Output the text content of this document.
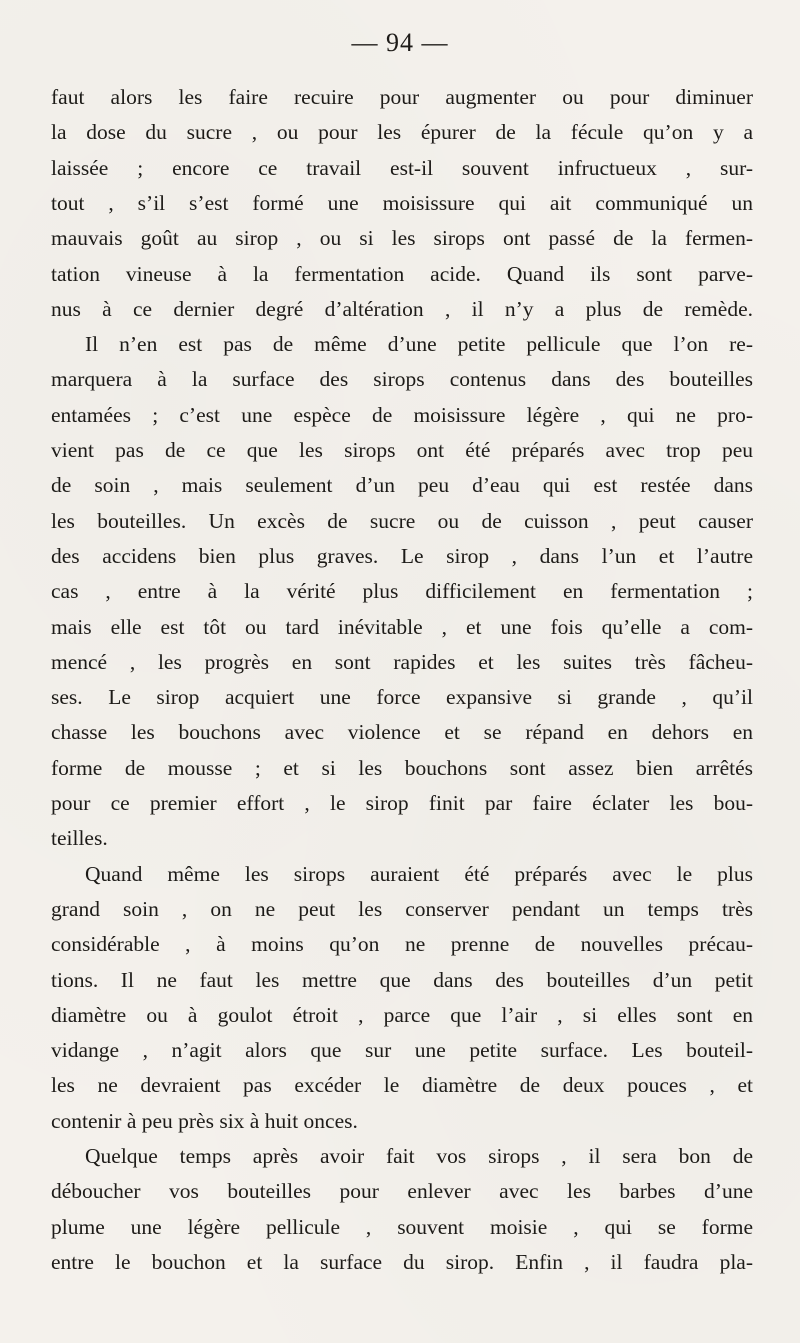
— 94 —
faut alors les faire recuire pour augmenter ou pour diminuer
la dose du sucre , ou pour les épurer de la fécule qu’on y a
laissée ; encore ce travail est-il souvent infructueux , sur-
tout , s’il s’est formé une moisissure qui ait communiqué un
mauvais goût au sirop , ou si les sirops ont passé de la fermen-
tation vineuse à la fermentation acide. Quand ils sont parve-
nus à ce dernier degré d’altération , il n’y a plus de remède.
Il n’en est pas de même d’une petite pellicule que l’on re-
marquera à la surface des sirops contenus dans des bouteilles
entamées ; c’est une espèce de moisissure légère , qui ne pro-
vient pas de ce que les sirops ont été préparés avec trop peu
de soin , mais seulement d’un peu d’eau qui est restée dans
les bouteilles. Un excès de sucre ou de cuisson , peut causer
des accidens bien plus graves. Le sirop , dans l’un et l’autre
cas , entre à la vérité plus difficilement en fermentation ;
mais elle est tôt ou tard inévitable , et une fois qu’elle a com-
mencé , les progrès en sont rapides et les suites très fâcheu-
ses. Le sirop acquiert une force expansive si grande , qu’il
chasse les bouchons avec violence et se répand en dehors en
forme de mousse ; et si les bouchons sont assez bien arrêtés
pour ce premier effort , le sirop finit par faire éclater les bou-
teilles.
Quand même les sirops auraient été préparés avec le plus
grand soin , on ne peut les conserver pendant un temps très
considérable , à moins qu’on ne prenne de nouvelles précau-
tions. Il ne faut les mettre que dans des bouteilles d’un petit
diamètre ou à goulot étroit , parce que l’air , si elles sont en
vidange , n’agit alors que sur une petite surface. Les bouteil-
les ne devraient pas excéder le diamètre de deux pouces , et
contenir à peu près six à huit onces.
Quelque temps après avoir fait vos sirops , il sera bon de
déboucher vos bouteilles pour enlever avec les barbes d’une
plume une légère pellicule , souvent moisie , qui se forme
entre le bouchon et la surface du sirop. Enfin , il faudra pla-
